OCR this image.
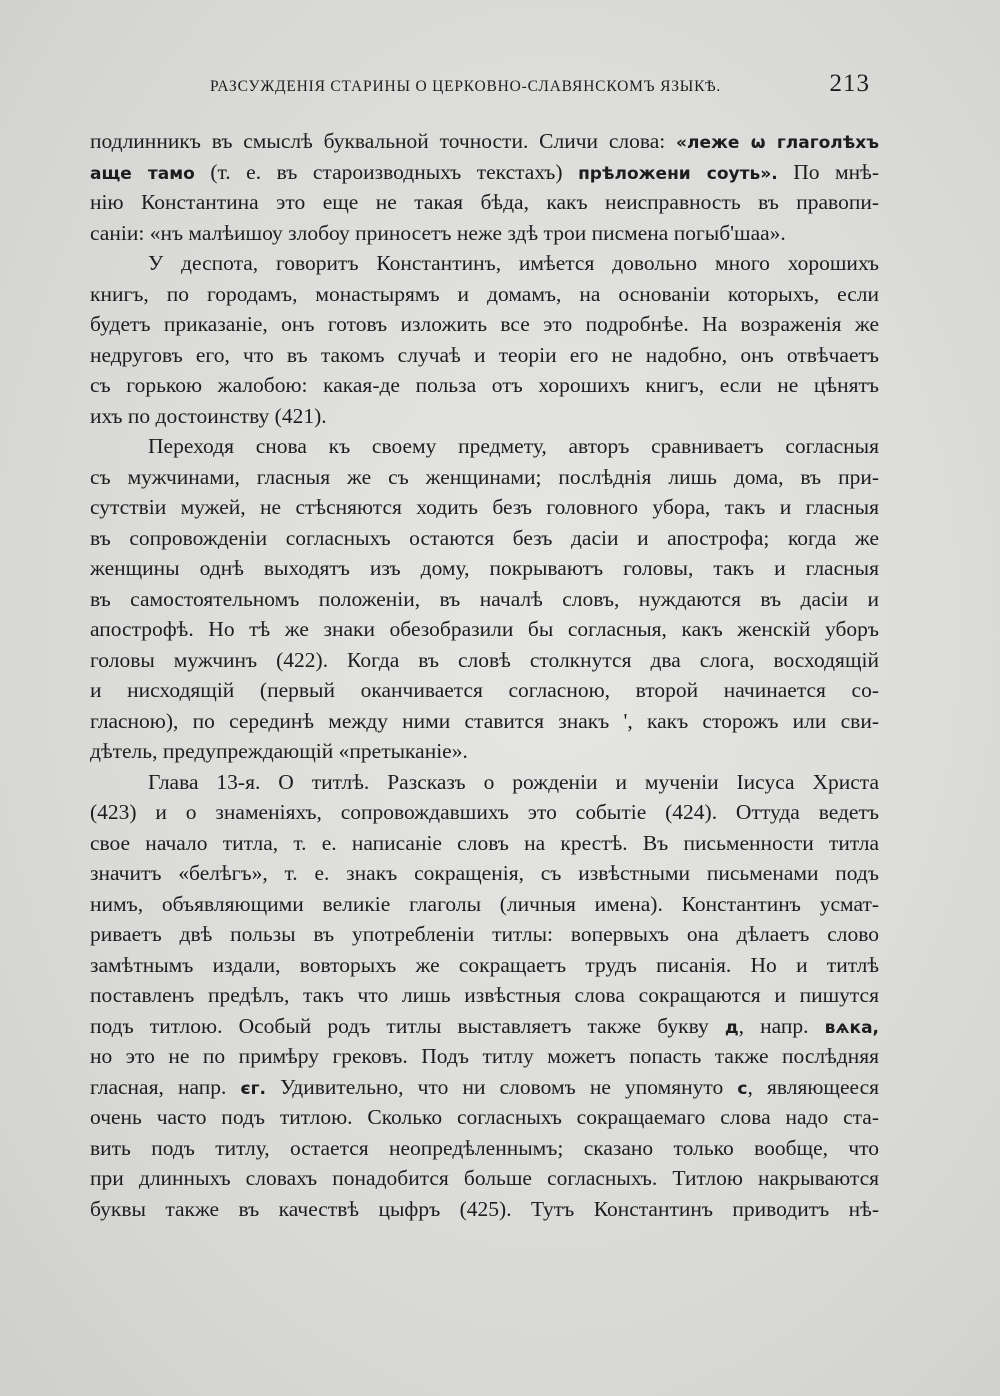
РАЗСУЖДЕНІЯ СТАРИНЫ О ЦЕРКОВНО-СЛАВЯНСКОМЪ ЯЗЫКѢ.	213
подлинникъ въ смыслѣ буквальной точности. Сличи слова: «леже ѡ глаголѣхъ
аще тамо (т. е. въ староизводныхъ текстахъ) прѣложени соуть». По мнѣ-
нію Константина это еще не такая бѣда, какъ неисправность въ правопи-
саніи: «нъ малѣишоу злобоу приносетъ неже здѣ трои писмена погыб'шаа».
У деспота, говоритъ Константинъ, имѣется довольно много хорошихъ
книгъ, по городамъ, монастырямъ и домамъ, на основаніи которыхъ, если
будетъ приказаніе, онъ готовъ изложить все это подробнѣе. На возраженія же
недруговъ его, что въ такомъ случаѣ и теоріи его не надобно, онъ отвѣчаетъ
съ горькою жалобою: какая-де польза отъ хорошихъ книгъ, если не цѣнятъ
ихъ по достоинству (421).
Переходя снова къ своему предмету, авторъ сравниваетъ согласныя
съ мужчинами, гласныя же съ женщинами; послѣднія лишь дома, въ при-
сутствіи мужей, не стѣсняются ходить безъ головного убора, такъ и гласныя
въ сопровожденіи согласныхъ остаются безъ дасіи и апострофа; когда же
женщины однѣ выходятъ изъ дому, покрываютъ головы, такъ и гласныя
въ самостоятельномъ положеніи, въ началѣ словъ, нуждаются въ дасіи и
апострофѣ. Но тѣ же знаки обезобразили бы согласныя, какъ женскій уборъ
головы мужчинъ (422). Когда въ словѣ столкнутся два слога, восходящій
и нисходящій (первый оканчивается согласною, второй начинается со-
гласною), по серединѣ между ними ставится знакъ ', какъ сторожъ или сви-
дѣтель, предупреждающій «претыканіе».
Глава 13-я. О титлѣ. Разсказъ о рожденіи и мученіи Іисуса Христа
(423) и о знаменіяхъ, сопровождавшихъ это событіе (424). Оттуда ведетъ
свое начало титла, т. е. написаніе словъ на крестѣ. Въ письменности титла
значитъ «белѣгъ», т. е. знакъ сокращенія, съ извѣстными письменами подъ
нимъ, объявляющими великіе глаголы (личныя имена). Константинъ усмат-
риваетъ двѣ пользы въ употребленіи титлы: вопервыхъ она дѣлаетъ слово
замѣтнымъ издали, вовторыхъ же сокращаетъ трудъ писанія. Но и титлѣ
поставленъ предѣлъ, такъ что лишь извѣстныя слова сокращаются и пишутся
подъ титлою. Особый родъ титлы выставляетъ также букву д, напр. вѧка,
но это не по примѣру грековъ. Подъ титлу можетъ попасть также послѣдняя
гласная, напр. єг. Удивительно, что ни словомъ не упомянуто с, являющееся
очень часто подъ титлою. Сколько согласныхъ сокращаемаго слова надо ста-
вить подъ титлу, остается неопредѣленнымъ; сказано только вообще, что
при длинныхъ словахъ понадобится больше согласныхъ. Титлою накрываются
буквы также въ качествѣ цыфръ (425). Тутъ Константинъ приводитъ нѣ-
